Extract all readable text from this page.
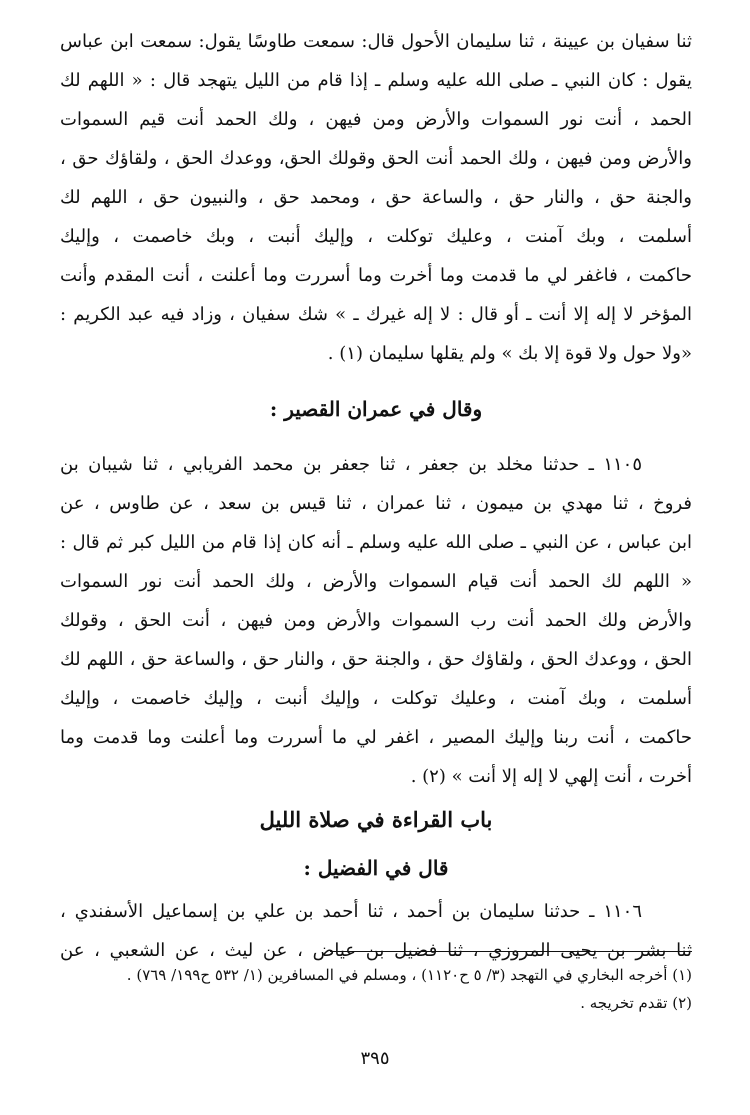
ثنا سفيان بن عيينة ، ثنا سليمان الأحول قال: سمعت طاوسًا يقول: سمعت ابن عباس
يقول : كان النبي ـ صلى الله عليه وسلم ـ إذا قام من الليل يتهجد قال : « اللهم لك
الحمد ، أنت نور السموات والأرض ومن فيهن ، ولك الحمد أنت قيم السموات
والأرض ومن فيهن ، ولك الحمد أنت الحق وقولك الحق، ووعدك الحق ، ولقاؤك حق ،
والجنة حق ، والنار حق ، والساعة حق ، ومحمد حق ، والنبيون حق ، اللهم لك
أسلمت ، وبك آمنت ، وعليك توكلت ، وإليك أنبت ، وبك خاصمت ، وإليك
حاكمت ، فاغفر لي ما قدمت وما أخرت وما أسررت وما أعلنت ، أنت المقدم وأنت
المؤخر لا إله إلا أنت ـ أو قال : لا إله غيرك ـ » شك سفيان ، وزاد فيه عبد الكريم :
«ولا حول ولا قوة إلا بك » ولم يقلها سليمان (١) .
وقال في عمران القصير :
١١٠٥ ـ حدثنا مخلد بن جعفر ، ثنا جعفر بن محمد الفريابي ، ثنا شيبان بن
فروخ ، ثنا مهدي بن ميمون ، ثنا عمران ، ثنا قيس بن سعد ، عن طاوس ، عن
ابن عباس ، عن النبي ـ صلى الله عليه وسلم ـ أنه كان إذا قام من الليل كبر ثم قال :
« اللهم لك الحمد أنت قيام السموات والأرض ، ولك الحمد أنت نور السموات
والأرض ولك الحمد أنت رب السموات والأرض ومن فيهن ، أنت الحق ، وقولك
الحق ، ووعدك الحق ، ولقاؤك حق ، والجنة حق ، والنار حق ، والساعة حق ، اللهم لك
أسلمت ، وبك آمنت ، وعليك توكلت ، وإليك أنبت ، وإليك خاصمت ، وإليك
حاكمت ، أنت ربنا وإليك المصير ، اغفر لي ما أسررت وما أعلنت وما قدمت وما
أخرت ، أنت إلهي لا إله إلا أنت » (٢) .
باب القراءة في صلاة الليل
قال في الفضيل :
١١٠٦ ـ حدثنا سليمان بن أحمد ، ثنا أحمد بن علي بن إسماعيل الأسفندي ،
ثنا بشر بن يحيى المروزي ، ثنا فضيل بن عياض ، عن ليث ، عن الشعبي ، عن
(١) أخرجه البخاري في التهجد (٣/ ٥ ح١١٢٠) ، ومسلم في المسافرين (١/ ٥٣٢ ح١٩٩/ ٧٦٩) .
(٢) تقدم تخريجه .
٣٩٥
